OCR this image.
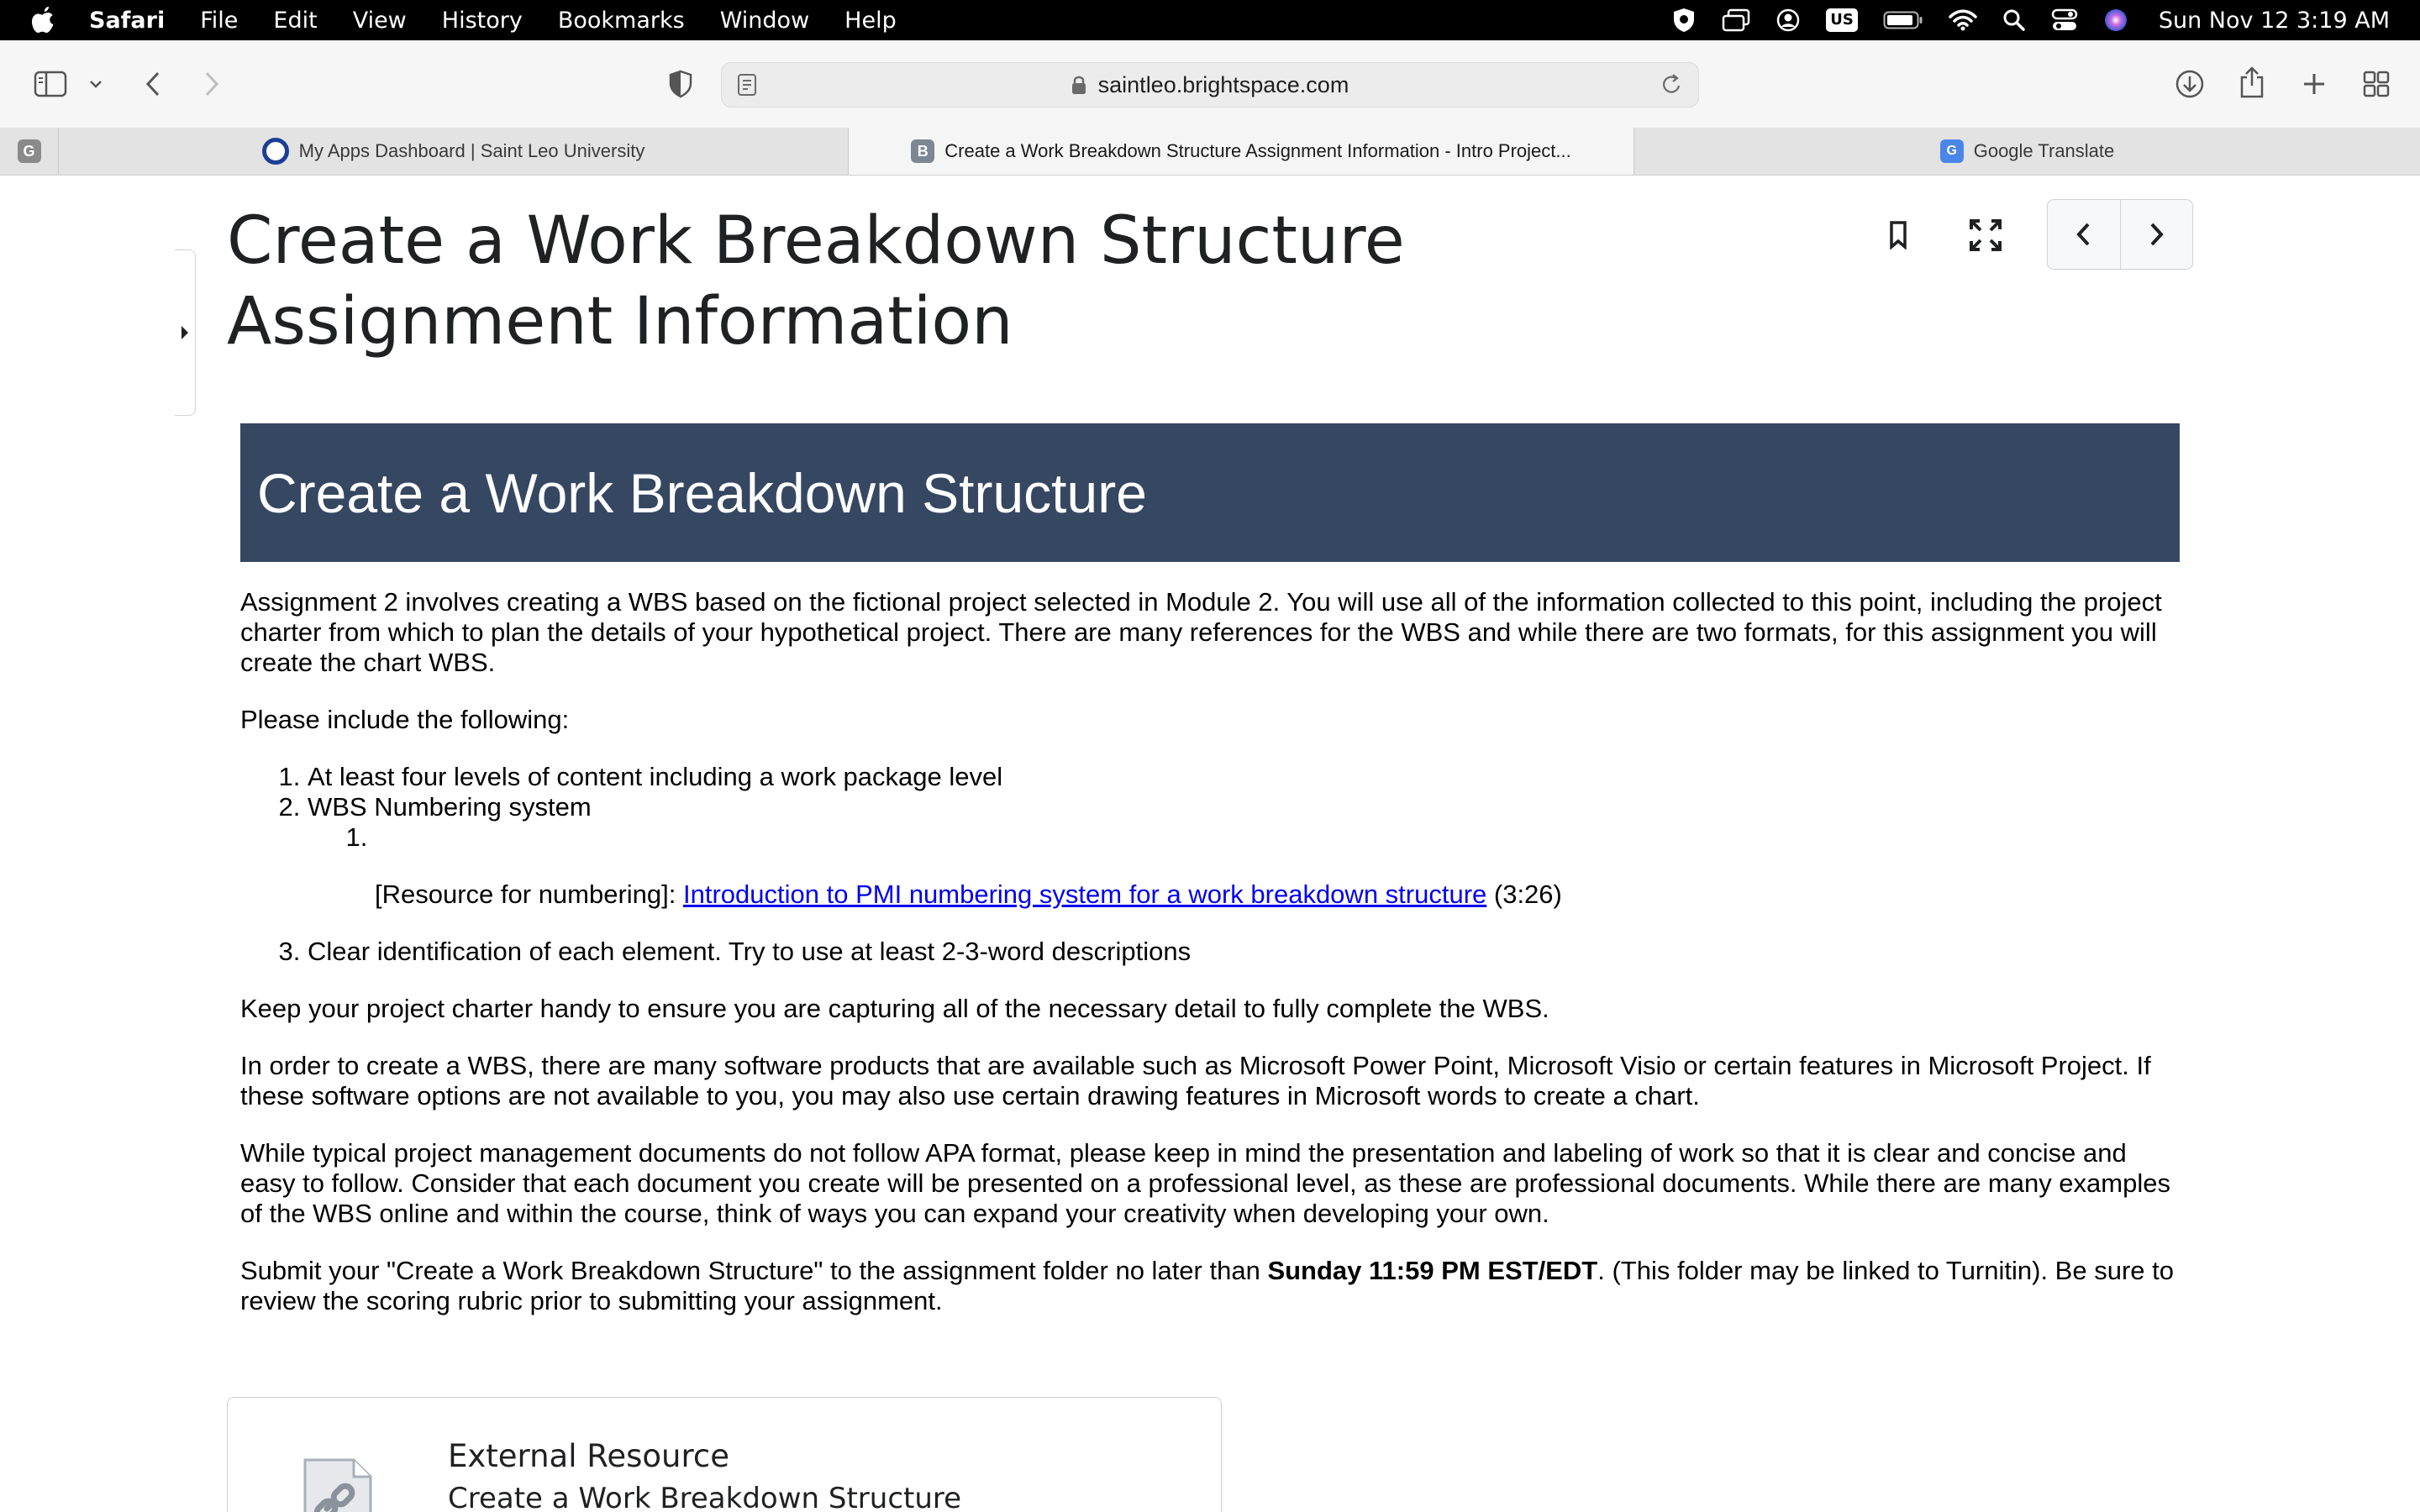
Safari File Edit View History Bookmarks Window Help	US	Sun Nov 12 3:19 AM
saintleo.brightspace.com
G	My Apps Dashboard | Saint Leo University	B Create a Work Breakdown Structure Assignment Information - Intro Project...	G Google Translate
Create a Work Breakdown Structure Assignment Information
Create a Work Breakdown Structure

Assignment 2 involves creating a WBS based on the fictional project selected in Module 2. You will use all of the information collected to this point, including the project charter from which to plan the details of your hypothetical project. There are many references for the WBS and while there are two formats, for this assignment you will create the chart WBS.

Please include the following:

1. At least four levels of content including a work package level
2. WBS Numbering system
1.
[Resource for numbering]: Introduction to PMI numbering system for a work breakdown structure (3:26)
3. Clear identification of each element. Try to use at least 2-3-word descriptions

Keep your project charter handy to ensure you are capturing all of the necessary detail to fully complete the WBS.

In order to create a WBS, there are many software products that are available such as Microsoft Power Point, Microsoft Visio or certain features in Microsoft Project. If these software options are not available to you, you may also use certain drawing features in Microsoft words to create a chart.

While typical project management documents do not follow APA format, please keep in mind the presentation and labeling of work so that it is clear and concise and easy to follow. Consider that each document you create will be presented on a professional level, as these are professional documents. While there are many examples of the WBS online and within the course, think of ways you can expand your creativity when developing your own.

Submit your "Create a Work Breakdown Structure" to the assignment folder no later than Sunday 11:59 PM EST/EDT. (This folder may be linked to Turnitin). Be sure to review the scoring rubric prior to submitting your assignment.

External Resource
Create a Work Breakdown Structure
